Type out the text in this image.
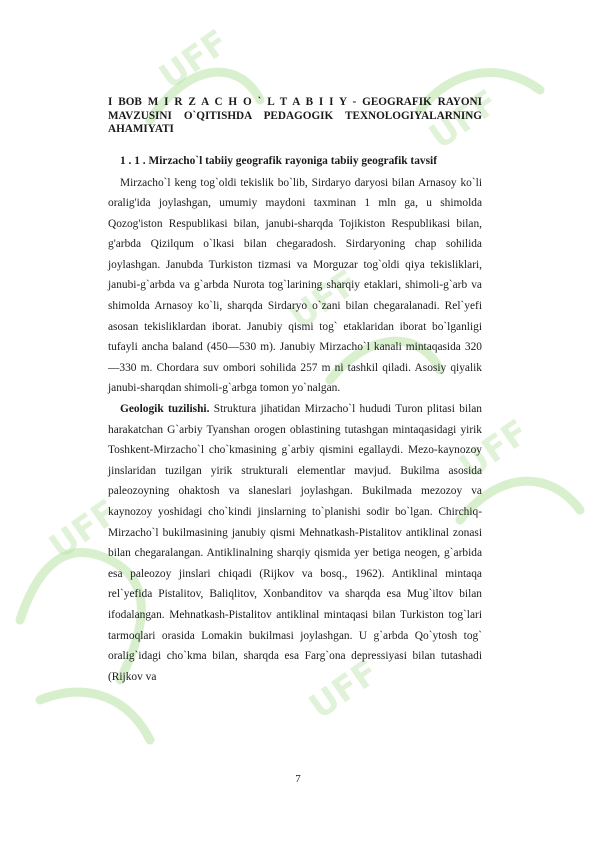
UFF
UFF
UFF
UFF
UFF
UFF
I BOB M I R Z A C H O ` L T A B I I Y - GEOGRAFIK RAYONI MAVZUSINI O`QITISHDA PEDAGOGIK TEXNOLOGIYALARNING AHAMIYATI
1 . 1 . Mirzacho`l tabiiy geografik rayoniga tabiiy geografik tavsif

Mirzacho`l keng tog`oldi tekislik bo`lib, Sirdaryo daryosi bilan Arnasoy ko`li oralig'ida joylashgan, umumiy maydoni taxminan 1 mln ga, u shimolda Qozog'iston Respublikasi bilan, janubi-sharqda Tojikiston Respublikasi bilan, g'arbda Qizilqum o`lkasi bilan chegaradosh. Sirdaryoning chap sohilida joylashgan. Janubda Turkiston tizmasi va Morguzar tog`oldi qiya tekisliklari, janubi-g`arbda va g`arbda Nurota tog`larining sharqiy etaklari, shimoli-g`arb va shimolda Arnasoy ko`li, sharqda Sirdaryo o`zani bilan chegaralanadi. Rel`yefi asosan tekisliklardan iborat. Janubiy qismi tog` etaklaridan iborat bo`lganligi tufayli ancha baland (450—530 m). Janubiy Mirzacho`l kanali mintaqasida 320—330 m. Chordara suv ombori sohilida 257 m ni tashkil qiladi. Asosiy qiyalik janubi-sharqdan shimoli-g`arbga tomon yo`nalgan.

Geologik tuzilishi. Struktura jihatidan Mirzacho`l hududi Turon plitasi bilan harakatchan G`arbiy Tyanshan orogen oblastining tutashgan mintaqasidagi yirik Toshkent-Mirzacho`l cho`kmasining g`arbiy qismini egallaydi. Mezo-kaynozoy jinslaridan tuzilgan yirik strukturali elementlar mavjud. Bukilma asosida paleozoyning ohaktosh va slaneslari joylashgan. Bukilmada mezozoy va kaynozoy yoshidagi cho`kindi jinslarning to`planishi sodir bo`lgan. Chirchiq-Mirzacho`l bukilmasining janubiy qismi Mehnatkash-Pistalitov antiklinal zonasi bilan chegaralangan. Antiklinalning sharqiy qismida yer betiga neogen, g`arbida esa paleozoy jinslari chiqadi (Rijkov va bosq., 1962). Antiklinal mintaqa rel`yefida Pistalitov, Baliqlitov, Xonbanditov va sharqda esa Mug`iltov bilan ifodalangan. Mehnatkash-Pistalitov antiklinal mintaqasi bilan Turkiston tog`lari tarmoqlari orasida Lomakin bukilmasi joylashgan. U g`arbda Qo`ytosh tog` oralig`idagi cho`kma bilan, sharqda esa Farg`ona depressiyasi bilan tutashadi (Rijkov va

7
